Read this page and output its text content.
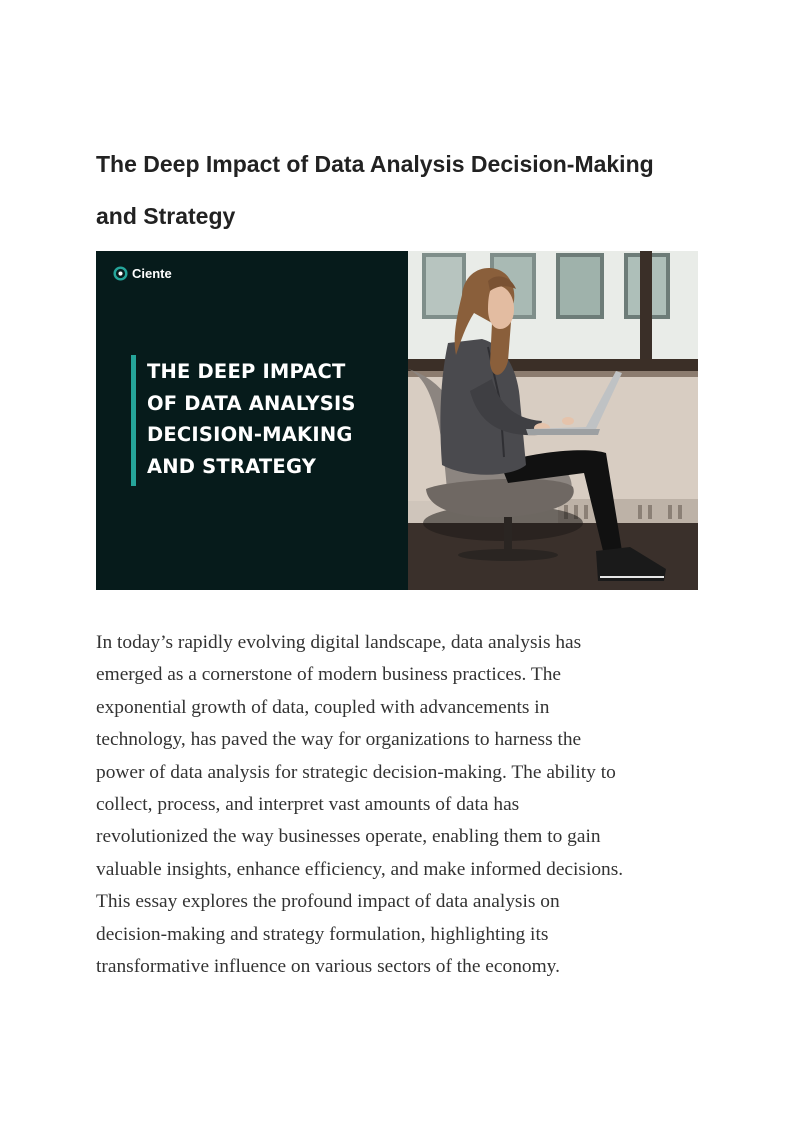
The Deep Impact of Data Analysis Decision-Making
and Strategy
Ciente
THE DEEP IMPACT
OF DATA ANALYSIS
DECISION-MAKING
AND STRATEGY

In today’s rapidly evolving digital landscape, data analysis has
emerged as a cornerstone of modern business practices. The
exponential growth of data, coupled with advancements in
technology, has paved the way for organizations to harness the
power of data analysis for strategic decision-making. The ability to
collect, process, and interpret vast amounts of data has
revolutionized the way businesses operate, enabling them to gain
valuable insights, enhance efficiency, and make informed decisions.
This essay explores the profound impact of data analysis on
decision-making and strategy formulation, highlighting its
transformative influence on various sectors of the economy.
